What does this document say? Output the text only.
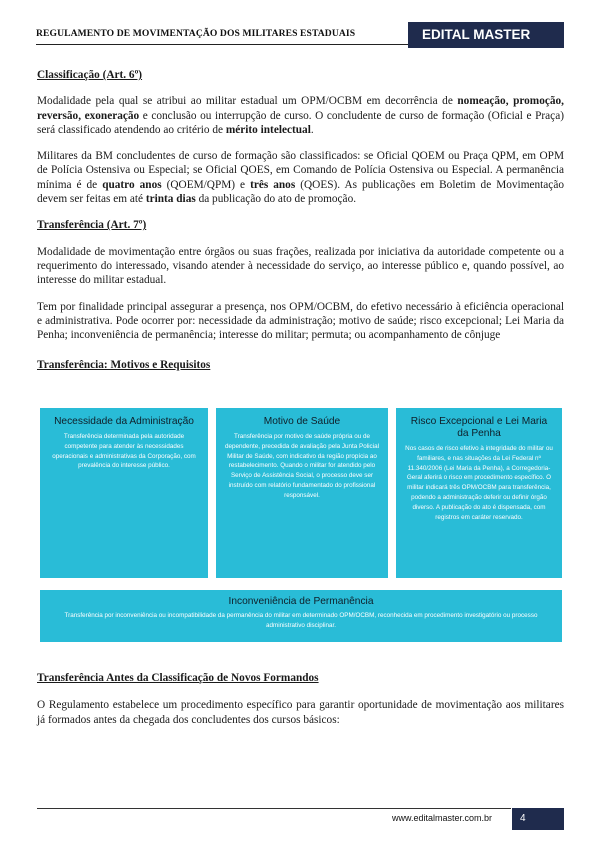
REGULAMENTO DE MOVIMENTAÇÃO DOS MILITARES ESTADUAIS	EDITAL MASTER
Classificação (Art. 6º)

Modalidade pela qual se atribui ao militar estadual um OPM/OCBM em decorrência de nomeação, promoção, reversão, exoneração e conclusão ou interrupção de curso. O concludente de curso de formação (Oficial e Praça) será classificado atendendo ao critério de mérito intelectual.

Militares da BM concludentes de curso de formação são classificados: se Oficial QOEM ou Praça QPM, em OPM de Polícia Ostensiva ou Especial; se Oficial QOES, em Comando de Polícia Ostensiva ou Especial. A permanência mínima é de quatro anos (QOEM/QPM) e três anos (QOES). As publicações em Boletim de Movimentação devem ser feitas em até trinta dias da publicação do ato de promoção.

Transferência (Art. 7º)

Modalidade de movimentação entre órgãos ou suas frações, realizada por iniciativa da autoridade competente ou a requerimento do interessado, visando atender à necessidade do serviço, ao interesse público e, quando possível, ao interesse do militar estadual.

Tem por finalidade principal assegurar a presença, nos OPM/OCBM, do efetivo necessário à eficiência operacional e administrativa. Pode ocorrer por: necessidade da administração; motivo de saúde; risco excepcional; Lei Maria da Penha; inconveniência de permanência; interesse do militar; permuta; ou acompanhamento de cônjuge

Transferência: Motivos e Requisitos
Necessidade da Administração
Transferência determinada pela autoridade competente para atender às necessidades operacionais e administrativas da Corporação, com prevalência do interesse público.
Motivo de Saúde
Transferência por motivo de saúde própria ou de dependente, precedida de avaliação pela Junta Policial Militar de Saúde, com indicativo da região propícia ao restabelecimento. Quando o militar for atendido pelo Serviço de Assistência Social, o processo deve ser instruído com relatório fundamentado do profissional responsável.
Risco Excepcional e Lei Maria da Penha
Nos casos de risco efetivo à integridade do militar ou familiares, e nas situações da Lei Federal nº 11.340/2006 (Lei Maria da Penha), a Corregedoria-Geral aferirá o risco em procedimento específico. O militar indicará três OPM/OCBM para transferência, podendo a administração deferir ou definir órgão diverso. A publicação do ato é dispensada, com registros em caráter reservado.
Inconveniência de Permanência
Transferência por inconveniência ou incompatibilidade da permanência do militar em determinado OPM/OCBM, reconhecida em procedimento investigatório ou processo administrativo disciplinar.
Transferência Antes da Classificação de Novos Formandos

O Regulamento estabelece um procedimento específico para garantir oportunidade de movimentação aos militares já formados antes da chegada dos concludentes dos cursos básicos:

www.editalmaster.com.br	4
